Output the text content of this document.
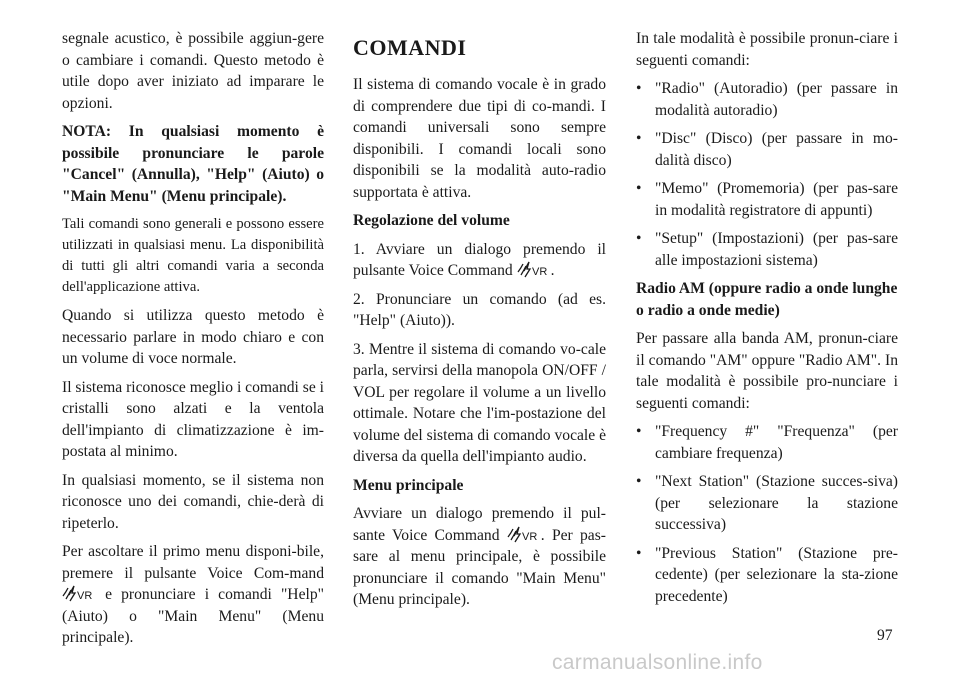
segnale acustico, è possibile aggiun-gere o cambiare i comandi. Questo metodo è utile dopo aver iniziato ad imparare le opzioni.

NOTA: In qualsiasi momento è possibile pronunciare le parole "Cancel" (Annulla), "Help" (Aiuto) o "Main Menu" (Menu principale).

Tali comandi sono generali e possono essere utilizzati in qualsiasi menu. La disponibilità di tutti gli altri comandi varia a seconda dell'applicazione attiva.

Quando si utilizza questo metodo è necessario parlare in modo chiaro e con un volume di voce normale.

Il sistema riconosce meglio i comandi se i cristalli sono alzati e la ventola dell'impianto di climatizzazione è im-postata al minimo.

In qualsiasi momento, se il sistema non riconosce uno dei comandi, chie-derà di ripeterlo.

Per ascoltare il primo menu disponi-bile, premere il pulsante Voice Com-mand
VR e pronunciare i comandi "Help" (Aiuto) o "Main Menu" (Menu principale).

COMANDI

Il sistema di comando vocale è in grado di comprendere due tipi di co-mandi. I comandi universali sono sempre disponibili. I comandi locali sono disponibili se la modalità auto-radio supportata è attiva.

Regolazione del volume

1. Avviare un dialogo premendo il pulsante Voice Command VR .

2. Pronunciare un comando (ad es. "Help" (Aiuto)).

3. Mentre il sistema di comando vo-cale parla, servirsi della manopola ON/OFF / VOL per regolare il volume a un livello ottimale. Notare che l'im-postazione del volume del sistema di comando vocale è diversa da quella dell'impianto audio.

Menu principale

Avviare un dialogo premendo il pul-sante Voice Command VR . Per pas-sare al menu principale, è possibile pronunciare il comando "Main Menu" (Menu principale).

In tale modalità è possibile pronun-ciare i seguenti comandi:

• "Radio" (Autoradio) (per passare in modalità autoradio)
• "Disc" (Disco) (per passare in mo-dalità disco)
• "Memo" (Promemoria) (per pas-sare in modalità registratore di appunti)
• "Setup" (Impostazioni) (per pas-sare alle impostazioni sistema)
Radio AM (oppure radio a onde lunghe o radio a onde medie)

Per passare alla banda AM, pronun-ciare il comando "AM" oppure "Radio AM". In tale modalità è possibile pro-nunciare i seguenti comandi:

• "Frequency #" "Frequenza" (per cambiare frequenza)
• "Next Station" (Stazione succes-siva) (per selezionare la stazione successiva)
• "Previous Station" (Stazione pre-cedente) (per selezionare la sta-zione precedente)
97
carmanualsonline.info
